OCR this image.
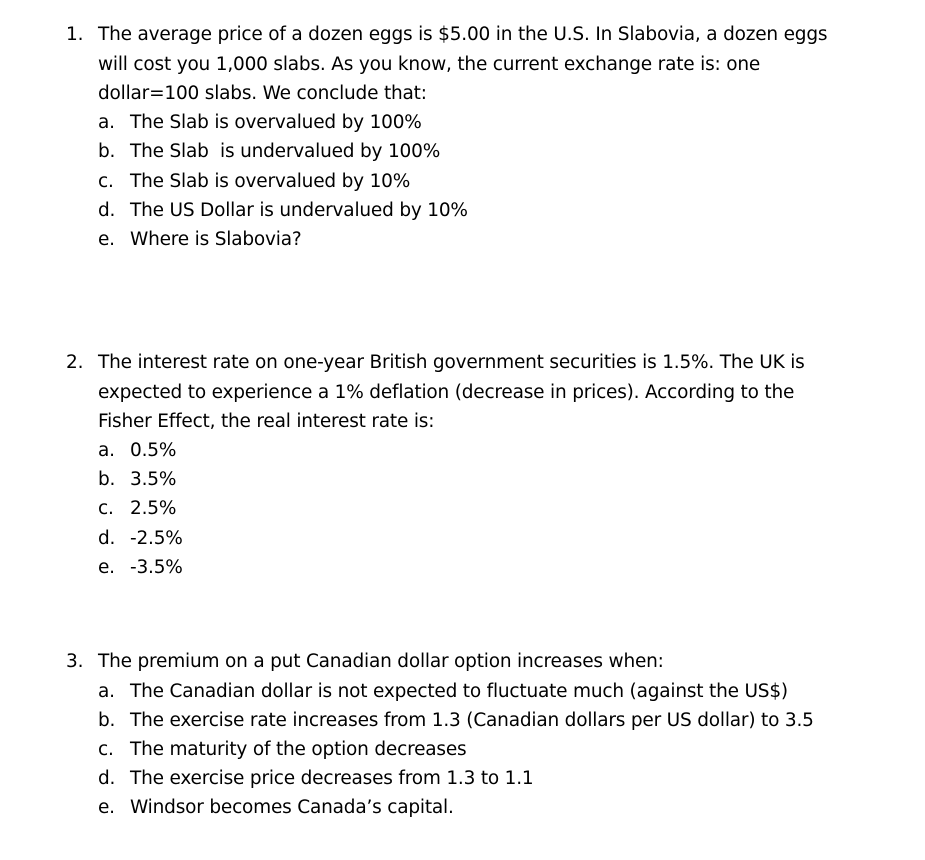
1. The average price of a dozen eggs is $5.00 in the U.S. In Slabovia, a dozen eggs
will cost you 1,000 slabs. As you know, the current exchange rate is: one
dollar=100 slabs. We conclude that:
a. The Slab is overvalued by 100%
b. The Slab  is undervalued by 100%
c. The Slab is overvalued by 10%
d. The US Dollar is undervalued by 10%
e. Where is Slabovia?
2. The interest rate on one-year British government securities is 1.5%. The UK is
expected to experience a 1% deflation (decrease in prices). According to the
Fisher Effect, the real interest rate is:
a. 0.5%
b. 3.5%
c. 2.5%
d. -2.5%
e. -3.5%
3. The premium on a put Canadian dollar option increases when:
a. The Canadian dollar is not expected to fluctuate much (against the US$)
b. The exercise rate increases from 1.3 (Canadian dollars per US dollar) to 3.5
c. The maturity of the option decreases
d. The exercise price decreases from 1.3 to 1.1
e. Windsor becomes Canada’s capital.
